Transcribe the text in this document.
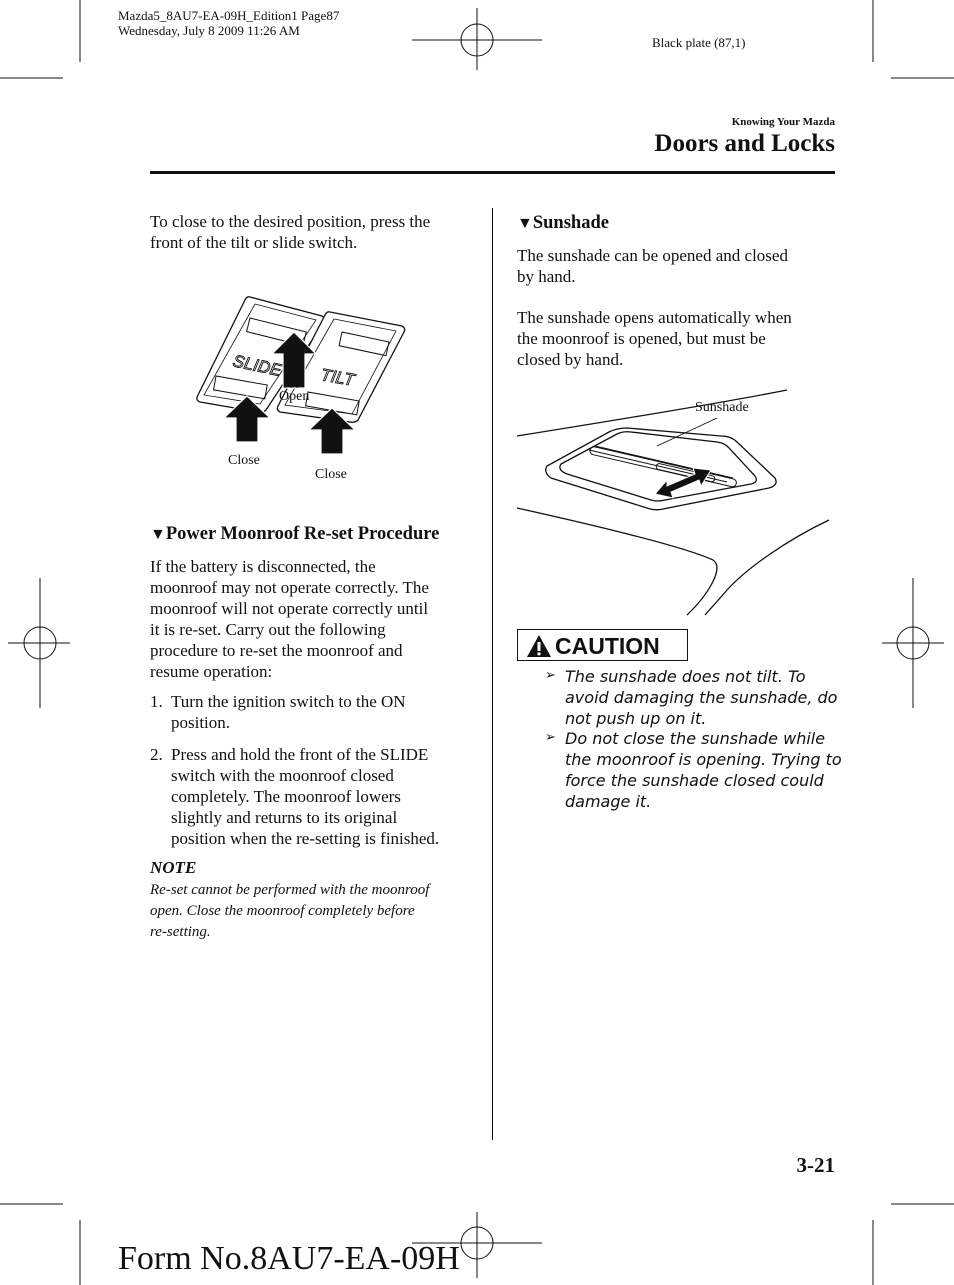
Mazda5_8AU7-EA-09H_Edition1 Page87
Wednesday, July 8 2009 11:26 AM
Black plate (87,1)
Knowing Your Mazda
Doors and Locks
To close to the desired position, press the
front of the tilt or slide switch.
SLIDE TILT
Open
Close
Close
▼Power Moonroof Re-set Procedure
If the battery is disconnected, the
moonroof may not operate correctly. The
moonroof will not operate correctly until
it is re-set. Carry out the following
procedure to re-set the moonroof and
resume operation:
1. Turn the ignition switch to the ON
position.
2. Press and hold the front of the SLIDE
switch with the moonroof closed
completely. The moonroof lowers
slightly and returns to its original
position when the re-setting is finished.
NOTE
Re-set cannot be performed with the moonroof
open. Close the moonroof completely before
re-setting.
▼Sunshade
The sunshade can be opened and closed
by hand.
The sunshade opens automatically when
the moonroof is opened, but must be
closed by hand.
Sunshade
CAUTION
➢ The sunshade does not tilt. To
avoid damaging the sunshade, do
not push up on it.
➢ Do not close the sunshade while
the moonroof is opening. Trying to
force the sunshade closed could
damage it.
3-21
Form No.8AU7-EA-09H
